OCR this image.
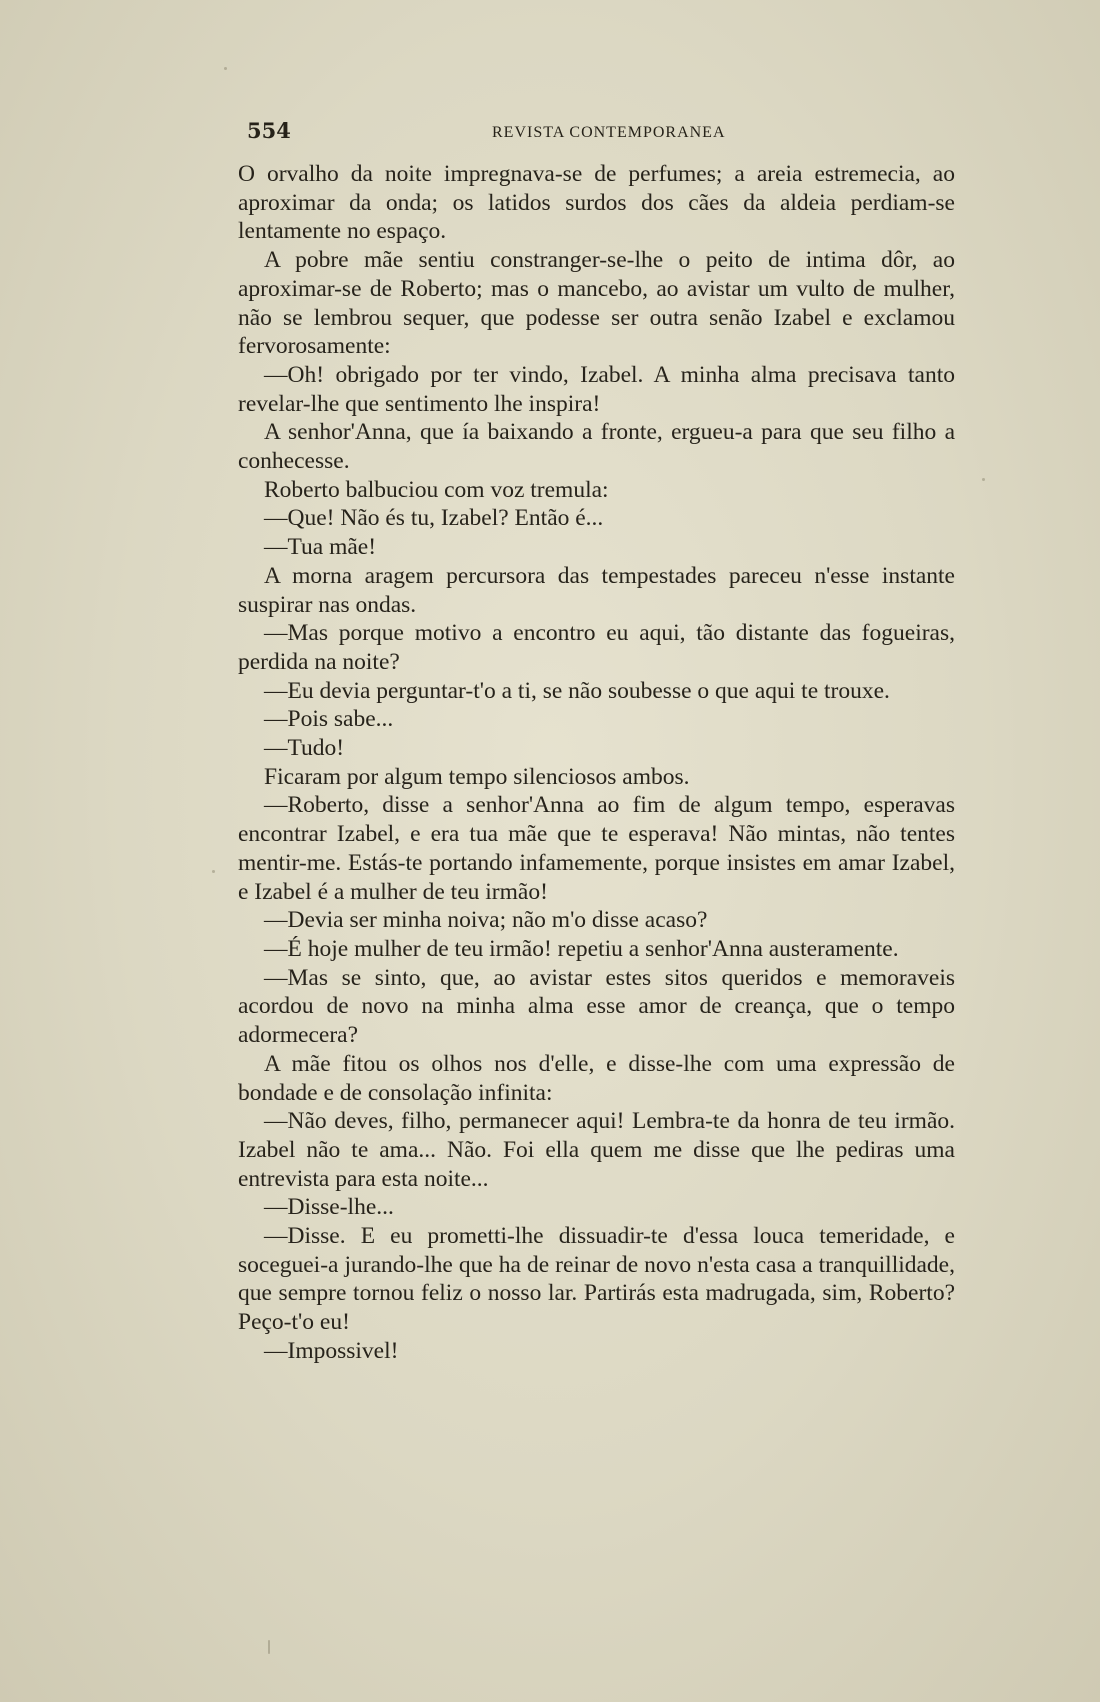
554	REVISTA CONTEMPORANEA

O orvalho da noite impregnava-se de perfumes; a areia estremecia, ao aproximar da onda; os latidos surdos dos cães da aldeia perdiam-se lentamente no espaço.

A pobre mãe sentiu constranger-se-lhe o peito de intima dôr, ao aproximar-se de Roberto; mas o mancebo, ao avistar um vulto de mulher, não se lembrou sequer, que podesse ser outra senão Izabel e exclamou fervorosamente:

—Oh! obrigado por ter vindo, Izabel. A minha alma precisava tanto revelar-lhe que sentimento lhe inspira!

A senhor'Anna, que ía baixando a fronte, ergueu-a para que seu filho a conhecesse.

Roberto balbuciou com voz tremula:

—Que! Não és tu, Izabel? Então é...

—Tua mãe!

A morna aragem percursora das tempestades pareceu n'esse instante suspirar nas ondas.

—Mas porque motivo a encontro eu aqui, tão distante das fogueiras, perdida na noite?

—Eu devia perguntar-t'o a ti, se não soubesse o que aqui te trouxe.

—Pois sabe...

—Tudo!

Ficaram por algum tempo silenciosos ambos.

—Roberto, disse a senhor'Anna ao fim de algum tempo, esperavas encontrar Izabel, e era tua mãe que te esperava! Não mintas, não tentes mentir-me. Estás-te portando infamemente, porque insistes em amar Izabel, e Izabel é a mulher de teu irmão!

—Devia ser minha noiva; não m'o disse acaso?

—É hoje mulher de teu irmão! repetiu a senhor'Anna austeramente.

—Mas se sinto, que, ao avistar estes sitos queridos e memoraveis acordou de novo na minha alma esse amor de creança, que o tempo adormecera?

A mãe fitou os olhos nos d'elle, e disse-lhe com uma expressão de bondade e de consolação infinita:

—Não deves, filho, permanecer aqui! Lembra-te da honra de teu irmão. Izabel não te ama... Não. Foi ella quem me disse que lhe pediras uma entrevista para esta noite...

—Disse-lhe...

—Disse. E eu prometti-lhe dissuadir-te d'essa louca temeridade, e soceguei-a jurando-lhe que ha de reinar de novo n'esta casa a tranquillidade, que sempre tornou feliz o nosso lar. Partirás esta madrugada, sim, Roberto? Peço-t'o eu!

—Impossivel!
